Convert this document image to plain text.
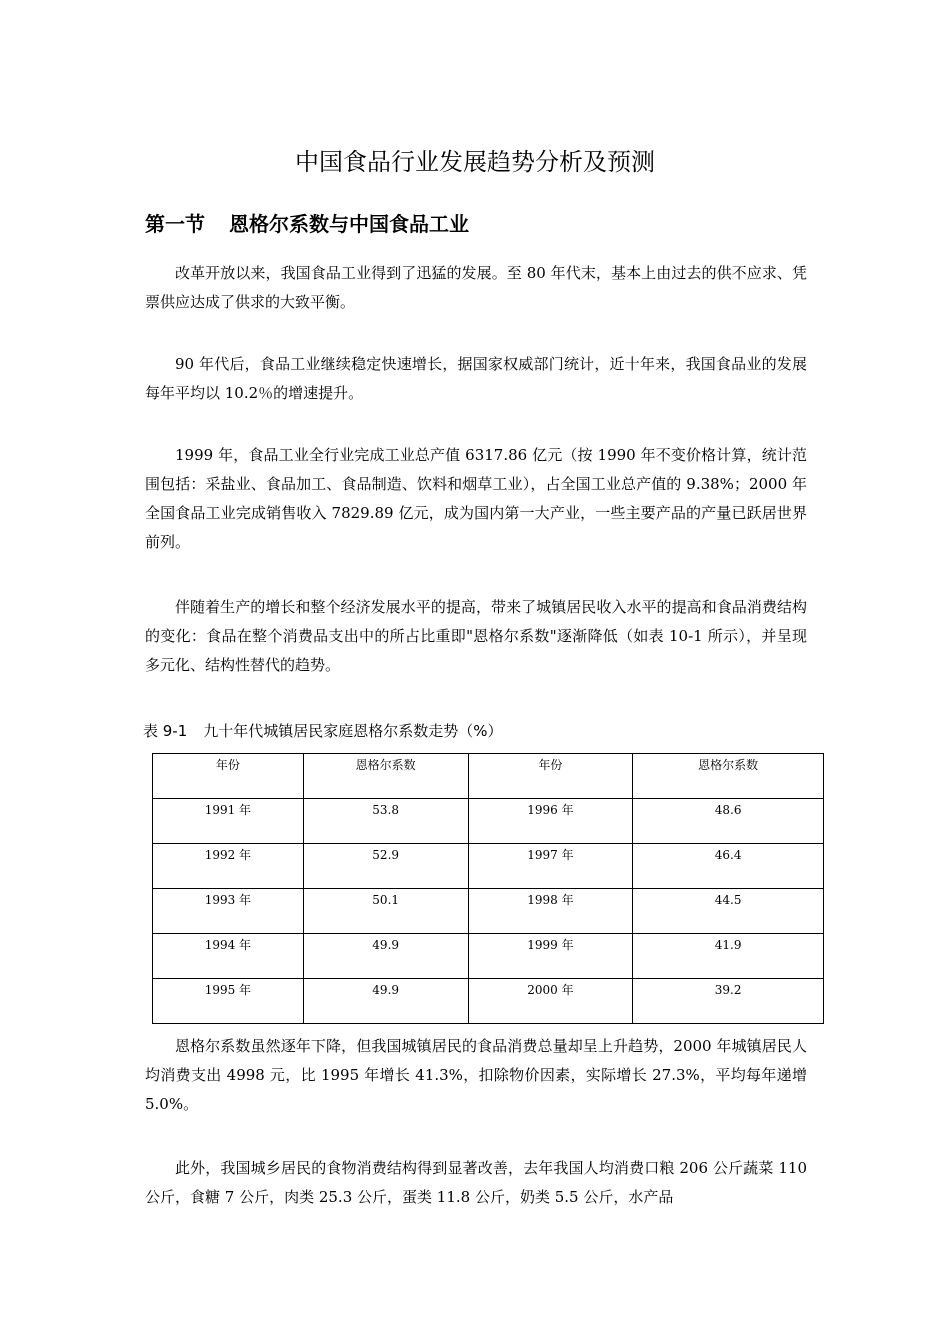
中国食品行业发展趋势分析及预测
第一节 恩格尔系数与中国食品工业

改革开放以来，我国食品工业得到了迅猛的发展。至 80 年代末，基本上由过去的供不应求、凭票供应达成了供求的大致平衡。

90 年代后，食品工业继续稳定快速增长，据国家权威部门统计，近十年来，我国食品业的发展每年平均以 10.2％的增速提升。

1999 年，食品工业全行业完成工业总产值 6317.86 亿元（按 1990 年不变价格计算，统计范围包括：采盐业、食品加工、食品制造、饮料和烟草工业），占全国工业总产值的 9.38%；2000 年全国食品工业完成销售收入 7829.89 亿元，成为国内第一大产业，一些主要产品的产量已跃居世界前列。

伴随着生产的增长和整个经济发展水平的提高，带来了城镇居民收入水平的提高和食品消费结构的变化：食品在整个消费品支出中的所占比重即"恩格尔系数"逐渐降低（如表 10-1 所示），并呈现多元化、结构性替代的趋势。

表 9-1 九十年代城镇居民家庭恩格尔系数走势（%）
年份	恩格尔系数	年份	恩格尔系数
1991 年	53.8	1996 年	48.6
1992 年	52.9	1997 年	46.4
1993 年	50.1	1998 年	44.5
1994 年	49.9	1999 年	41.9
1995 年	49.9	2000 年	39.2

恩格尔系数虽然逐年下降，但我国城镇居民的食品消费总量却呈上升趋势，2000 年城镇居民人均消费支出 4998 元，比 1995 年增长 41.3%，扣除物价因素，实际增长 27.3%，平均每年递增 5.0%。

此外，我国城乡居民的食物消费结构得到显著改善，去年我国人均消费口粮 206 公斤蔬菜 110 公斤，食糖 7 公斤，肉类 25.3 公斤，蛋类 11.8 公斤，奶类 5.5 公斤，水产品
